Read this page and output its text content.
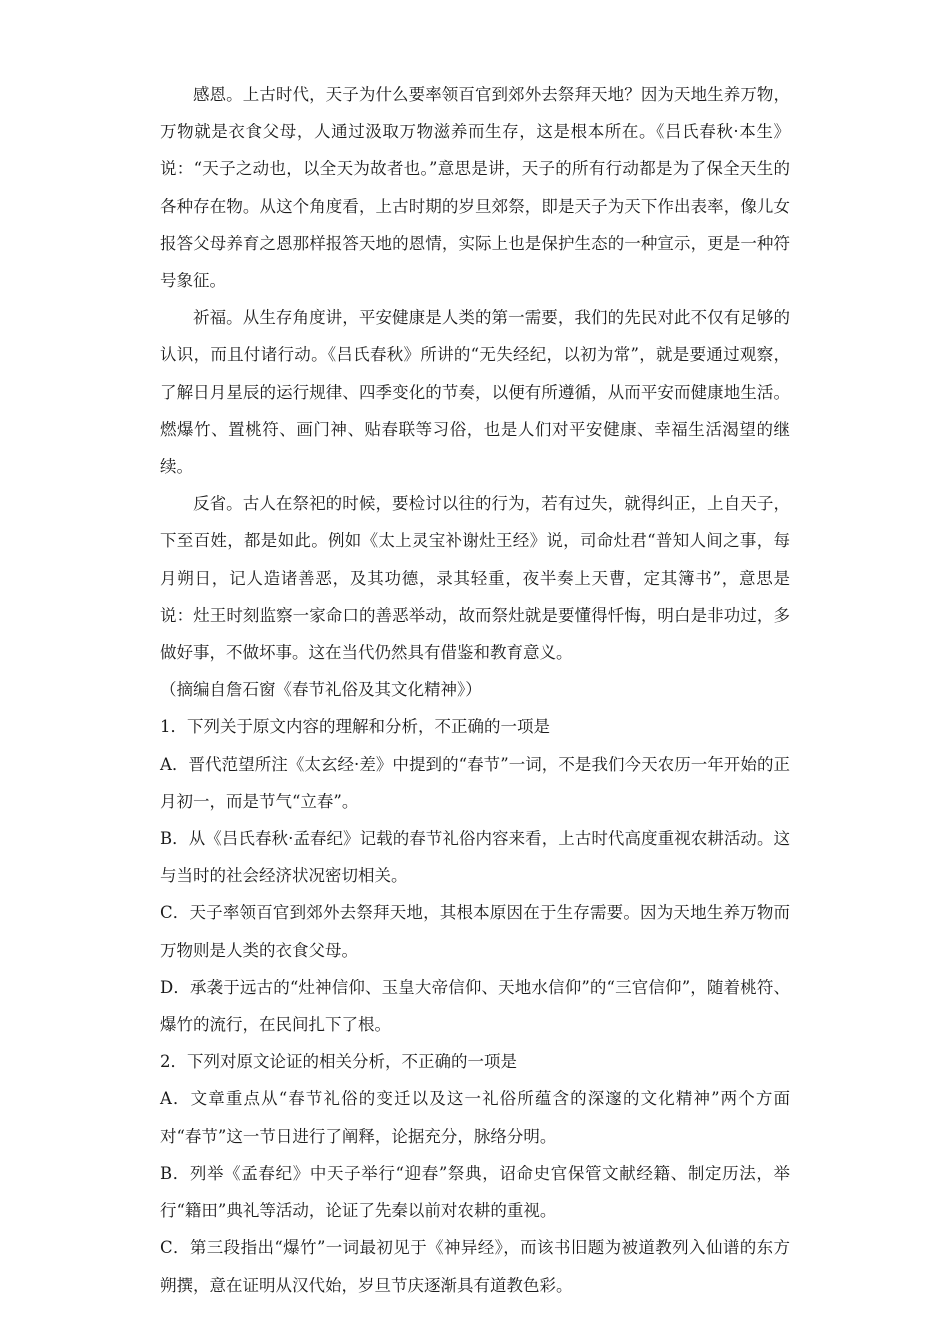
感恩。上古时代，天子为什么要率领百官到郊外去祭拜天地？因为天地生养万物，万物就是衣食父母，人通过汲取万物滋养而生存，这是根本所在。《吕氏春秋·本生》说：“天子之动也，以全天为故者也。”意思是讲，天子的所有行动都是为了保全天生的各种存在物。从这个角度看，上古时期的岁旦郊祭，即是天子为天下作出表率，像儿女报答父母养育之恩那样报答天地的恩情，实际上也是保护生态的一种宣示，更是一种符号象征。

祈福。从生存角度讲，平安健康是人类的第一需要，我们的先民对此不仅有足够的认识，而且付诸行动。《吕氏春秋》所讲的“无失经纪，以初为常”，就是要通过观察，了解日月星辰的运行规律、四季变化的节奏，以便有所遵循，从而平安而健康地生活。燃爆竹、置桃符、画门神、贴春联等习俗，也是人们对平安健康、幸福生活渴望的继续。

反省。古人在祭祀的时候，要检讨以往的行为，若有过失，就得纠正，上自天子，下至百姓，都是如此。例如《太上灵宝补谢灶王经》说，司命灶君“普知人间之事，每月朔日，记人造诸善恶，及其功德，录其轻重，夜半奏上天曹，定其簿书”，意思是说：灶王时刻监察一家命口的善恶举动，故而祭灶就是要懂得忏悔，明白是非功过，多做好事，不做坏事。这在当代仍然具有借鉴和教育意义。

（摘编自詹石窗《春节礼俗及其文化精神》）

1．下列关于原文内容的理解和分析，不正确的一项是

A．晋代范望所注《太玄经·差》中提到的“春节”一词，不是我们今天农历一年开始的正月初一，而是节气“立春”。

B．从《吕氏春秋·孟春纪》记载的春节礼俗内容来看，上古时代高度重视农耕活动。这与当时的社会经济状况密切相关。

C．天子率领百官到郊外去祭拜天地，其根本原因在于生存需要。因为天地生养万物而万物则是人类的衣食父母。

D．承袭于远古的“灶神信仰、玉皇大帝信仰、天地水信仰”的“三官信仰”，随着桃符、爆竹的流行，在民间扎下了根。

2．下列对原文论证的相关分析，不正确的一项是

A．文章重点从“春节礼俗的变迁以及这一礼俗所蕴含的深邃的文化精神”两个方面对“春节”这一节日进行了阐释，论据充分，脉络分明。

B．列举《孟春纪》中天子举行“迎春”祭典，诏命史官保管文献经籍、制定历法，举行“籍田”典礼等活动，论证了先秦以前对农耕的重视。

C．第三段指出“爆竹”一词最初见于《神异经》，而该书旧题为被道教列入仙谱的东方朔撰，意在证明从汉代始，岁旦节庆逐渐具有道教色彩。
